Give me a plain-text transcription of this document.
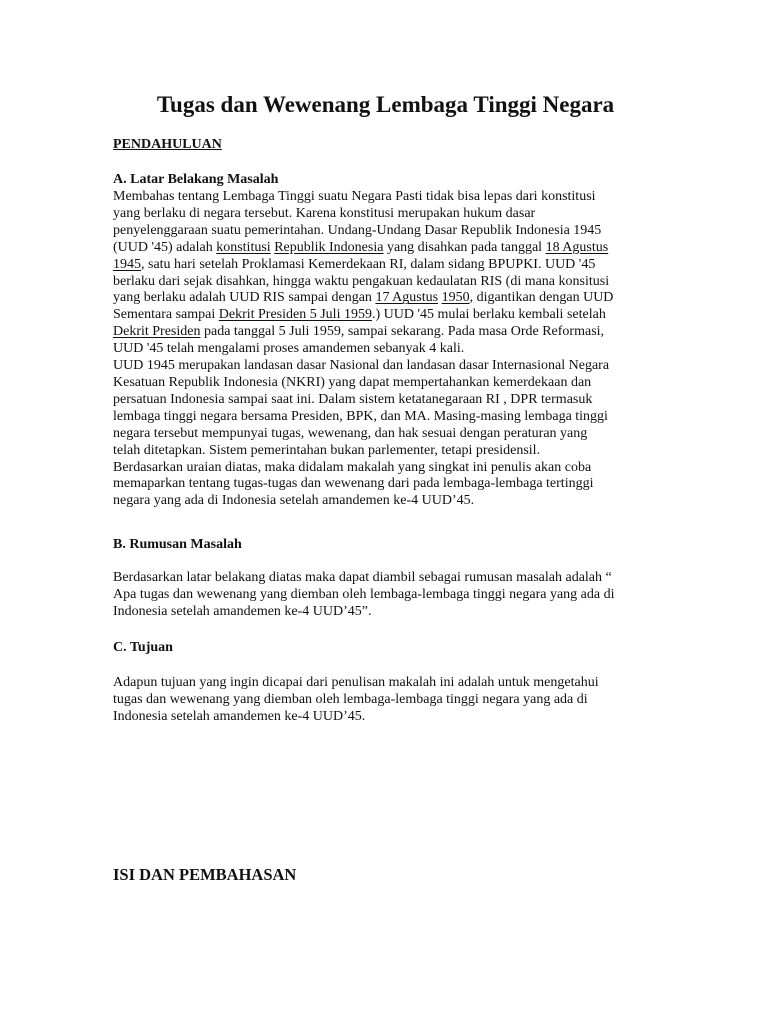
Tugas dan Wewenang Lembaga Tinggi Negara

PENDAHULUAN

A. Latar Belakang Masalah

Membahas tentang Lembaga Tinggi suatu Negara Pasti tidak bisa lepas dari konstitusi
yang berlaku di negara tersebut. Karena konstitusi merupakan hukum dasar
penyelenggaraan suatu pemerintahan. Undang-Undang Dasar Republik Indonesia 1945
(UUD '45) adalah konstitusi Republik Indonesia yang disahkan pada tanggal 18 Agustus
1945, satu hari setelah Proklamasi Kemerdekaan RI, dalam sidang BPUPKI. UUD '45
berlaku dari sejak disahkan, hingga waktu pengakuan kedaulatan RIS (di mana konsitusi
yang berlaku adalah UUD RIS sampai dengan 17 Agustus 1950, digantikan dengan UUD
Sementara sampai Dekrit Presiden 5 Juli 1959.) UUD '45 mulai berlaku kembali setelah
Dekrit Presiden pada tanggal 5 Juli 1959, sampai sekarang. Pada masa Orde Reformasi,
UUD '45 telah mengalami proses amandemen sebanyak 4 kali.
UUD 1945 merupakan landasan dasar Nasional dan landasan dasar Internasional Negara
Kesatuan Republik Indonesia (NKRI) yang dapat mempertahankan kemerdekaan dan
persatuan Indonesia sampai saat ini. Dalam sistem ketatanegaraan RI , DPR termasuk
lembaga tinggi negara bersama Presiden, BPK, dan MA. Masing-masing lembaga tinggi
negara tersebut mempunyai tugas, wewenang, dan hak sesuai dengan peraturan yang
telah ditetapkan. Sistem pemerintahan bukan parlementer, tetapi presidensil.
Berdasarkan uraian diatas, maka didalam makalah yang singkat ini penulis akan coba
memaparkan tentang tugas-tugas dan wewenang dari pada lembaga-lembaga tertinggi
negara yang ada di Indonesia setelah amandemen ke-4 UUD’45.

B. Rumusan Masalah

Berdasarkan latar belakang diatas maka dapat diambil sebagai rumusan masalah adalah “
Apa tugas dan wewenang yang diemban oleh lembaga-lembaga tinggi negara yang ada di
Indonesia setelah amandemen ke-4 UUD’45”.

C. Tujuan

Adapun tujuan yang ingin dicapai dari penulisan makalah ini adalah untuk mengetahui
tugas dan wewenang yang diemban oleh lembaga-lembaga tinggi negara yang ada di
Indonesia setelah amandemen ke-4 UUD’45.

ISI DAN PEMBAHASAN
